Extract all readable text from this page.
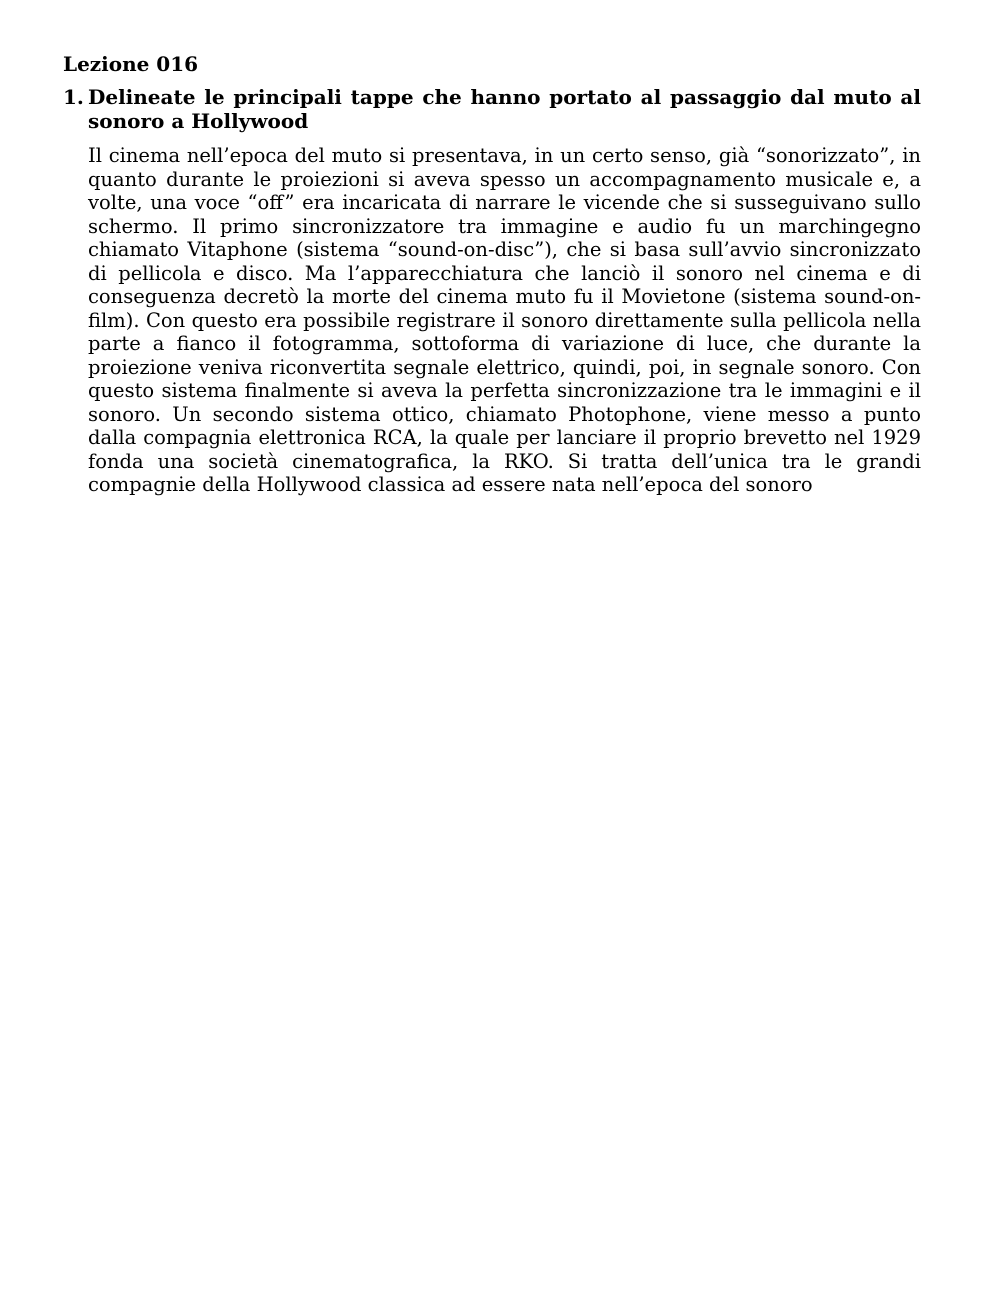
Lezione 016
1. Delineate le principali tappe che hanno portato al passaggio dal muto al sonoro a Hollywood
Il cinema nell’epoca del muto si presentava, in un certo senso, già “sonorizzato”, in quanto durante le proiezioni si aveva spesso un accompagnamento musicale e, a volte, una voce “off” era incaricata di narrare le vicende che si susseguivano sullo schermo. Il primo sincronizzatore tra immagine e audio fu un marchingegno chiamato Vitaphone (sistema “sound-on-disc”), che si basa sull’avvio sincronizzato di pellicola e disco. Ma l’apparecchiatura che lanciò il sonoro nel cinema e di conseguenza decretò la morte del cinema muto fu il Movietone (sistema sound-on-film). Con questo era possibile registrare il sonoro direttamente sulla pellicola nella parte a fianco il fotogramma, sottoforma di variazione di luce, che durante la proiezione veniva riconvertita segnale elettrico, quindi, poi, in segnale sonoro. Con questo sistema finalmente si aveva la perfetta sincronizzazione tra le immagini e il sonoro. Un secondo sistema ottico, chiamato Photophone, viene messo a punto dalla compagnia elettronica RCA, la quale per lanciare il proprio brevetto nel 1929 fonda una società cinematografica, la RKO. Si tratta dell’unica tra le grandi compagnie della Hollywood classica ad essere nata nell’epoca del sonoro
